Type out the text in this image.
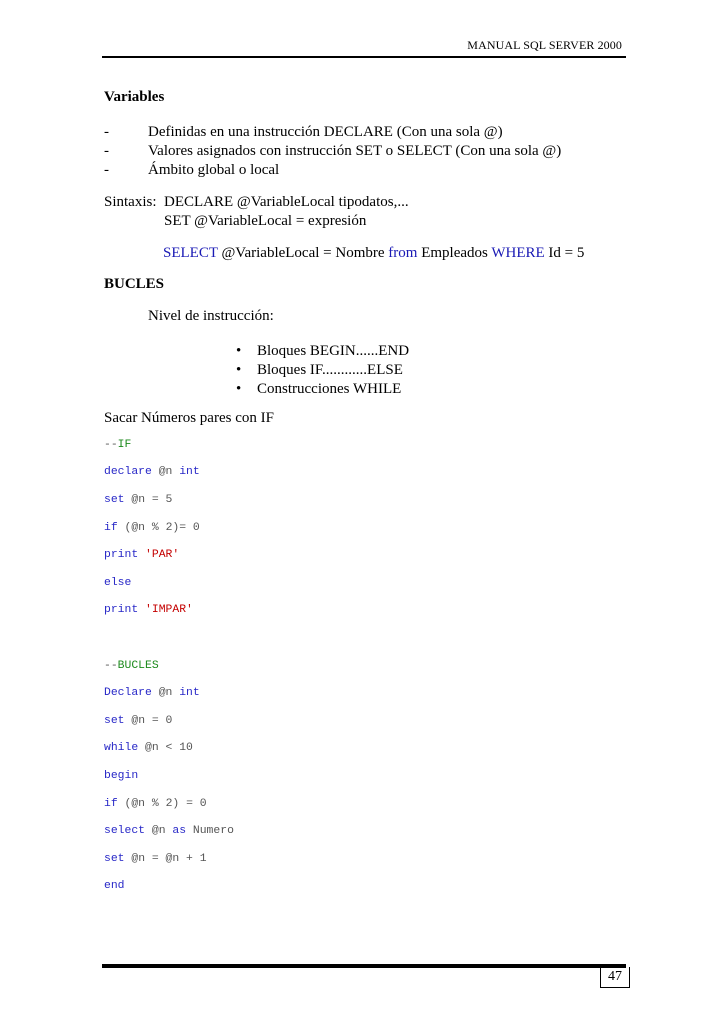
MANUAL SQL SERVER 2000
Variables
-	Definidas en una instrucción DECLARE (Con una sola @)
-	Valores asignados con instrucción SET o SELECT (Con una sola @)
-	Ámbito global o local
Sintaxis: DECLARE @VariableLocal tipodatos,...
SET @VariableLocal = expresión
SELECT @VariableLocal = Nombre from Empleados WHERE Id = 5
BUCLES
Nivel de instrucción:
• Bloques BEGIN......END
• Bloques IF............ELSE
• Construcciones WHILE
Sacar Números pares con IF

--IF

declare @n int

set @n = 5

if (@n % 2)= 0

print 'PAR'

else

print 'IMPAR'

--BUCLES

Declare @n int

set @n = 0

while @n < 10

begin

if (@n % 2) = 0

select @n as Numero

set @n = @n + 1

end

47
